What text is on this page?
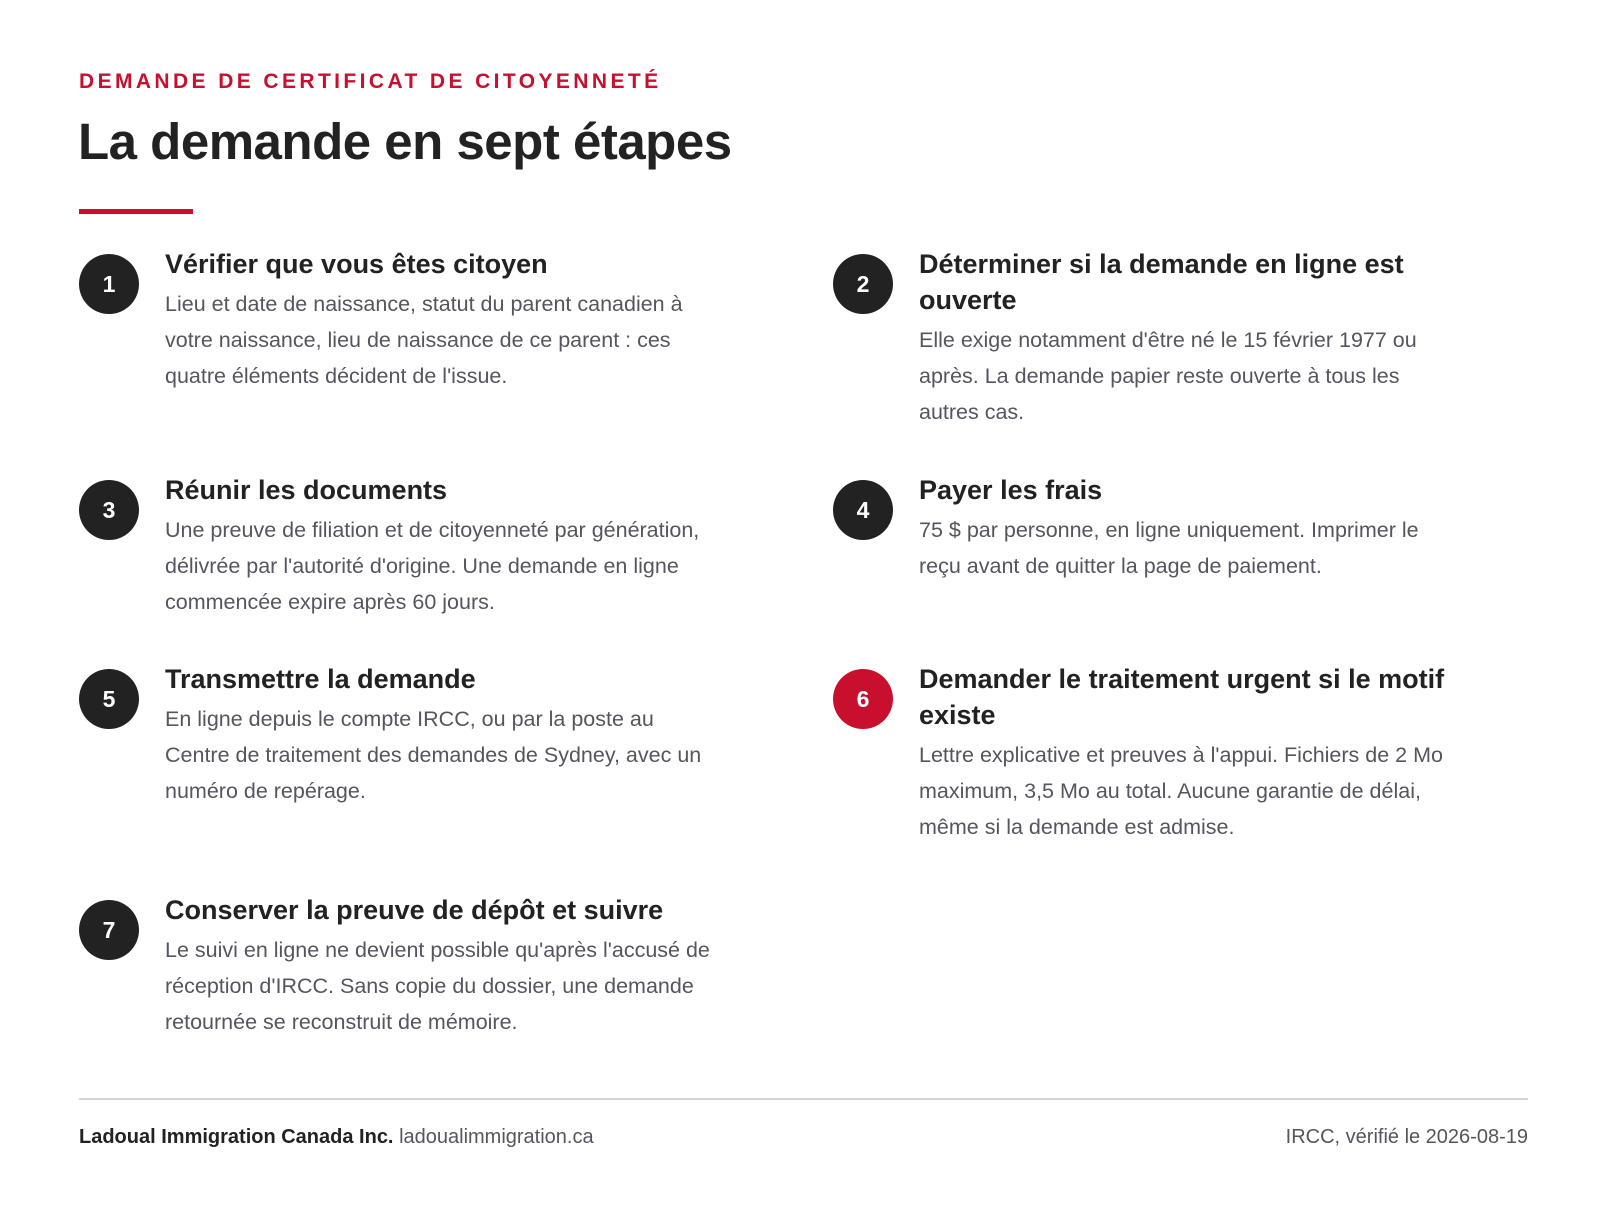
DEMANDE DE CERTIFICAT DE CITOYENNETÉ
La demande en sept étapes
1
Vérifier que vous êtes citoyen
Lieu et date de naissance, statut du parent canadien à votre naissance, lieu de naissance de ce parent : ces quatre éléments décident de l'issue.
2
Déterminer si la demande en ligne est ouverte
Elle exige notamment d'être né le 15 février 1977 ou après. La demande papier reste ouverte à tous les autres cas.
3
Réunir les documents
Une preuve de filiation et de citoyenneté par génération, délivrée par l'autorité d'origine. Une demande en ligne commencée expire après 60 jours.
4
Payer les frais
75 $ par personne, en ligne uniquement. Imprimer le reçu avant de quitter la page de paiement.
5
Transmettre la demande
En ligne depuis le compte IRCC, ou par la poste au Centre de traitement des demandes de Sydney, avec un numéro de repérage.
6
Demander le traitement urgent si le motif existe
Lettre explicative et preuves à l'appui. Fichiers de 2 Mo maximum, 3,5 Mo au total. Aucune garantie de délai, même si la demande est admise.
7
Conserver la preuve de dépôt et suivre
Le suivi en ligne ne devient possible qu'après l'accusé de réception d'IRCC. Sans copie du dossier, une demande retournée se reconstruit de mémoire.
Ladoual Immigration Canada Inc. ladoualimmigration.ca	IRCC, vérifié le 2026-08-19
